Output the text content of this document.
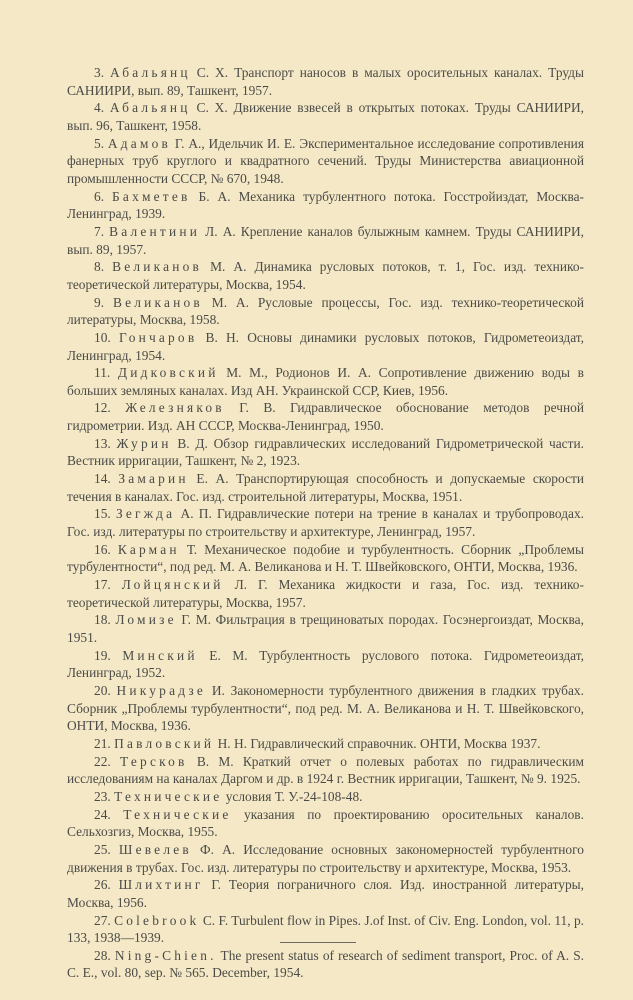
3. Абальянц С. Х. Транспорт наносов в малых оросительных каналах. Труды САНИИРИ, вып. 89, Ташкент, 1957.

4. Абальянц С. Х. Движение взвесей в открытых потоках. Труды САНИИРИ, вып. 96, Ташкент, 1958.

5. Адамов Г. А., Идельчик И. Е. Экспериментальное исследование сопротивления фанерных труб круглого и квадратного сечений. Труды Министерства авиационной промышленности СССР, № 670, 1948.

6. Бахметев Б. А. Механика турбулентного потока. Госстройиздат, Москва-Ленинград, 1939.

7. Валентини Л. А. Крепление каналов булыжным камнем. Труды САНИИРИ, вып. 89, 1957.

8. Великанов М. А. Динамика русловых потоков, т. 1, Гос. изд. технико-теоретической литературы, Москва, 1954.

9. Великанов М. А. Русловые процессы, Гос. изд. технико-теоретической литературы, Москва, 1958.

10. Гончаров В. Н. Основы динамики русловых потоков, Гидрометеоиздат, Ленинград, 1954.

11. Дидковский М. М., Родионов И. А. Сопротивление движению воды в больших земляных каналах. Изд АН. Украинской ССР, Киев, 1956.

12. Железняков Г. В. Гидравлическое обоснование методов речной гидрометрии. Изд. АН СССР, Москва-Ленинград, 1950.

13. Журин В. Д. Обзор гидравлических исследований Гидрометрической части. Вестник ирригации, Ташкент, № 2, 1923.

14. Замарин Е. А. Транспортирующая способность и допускаемые скорости течения в каналах. Гос. изд. строительной литературы, Москва, 1951.

15. Зегжда А. П. Гидравлические потери на трение в каналах и трубопроводах. Гос. изд. литературы по строительству и архитектуре, Ленинград, 1957.

16. Карман Т. Механическое подобие и турбулентность. Сборник „Проблемы турбулентности“, под ред. М. А. Великанова и Н. Т. Швейковского, ОНТИ, Москва, 1936.

17. Лойцянский Л. Г. Механика жидкости и газа, Гос. изд. технико-теоретической литературы, Москва, 1957.

18. Ломизе Г. М. Фильтрация в трещиноватых породах. Госэнергоиздат, Москва, 1951.

19. Минский Е. М. Турбулентность руслового потока. Гидрометеоиздат, Ленинград, 1952.

20. Никурадзе И. Закономерности турбулентного движения в гладких трубах. Сборник „Проблемы турбулентности“, под ред. М. А. Великанова и Н. Т. Швейковского, ОНТИ, Москва, 1936.

21. Павловский Н. Н. Гидравлический справочник. ОНТИ, Москва 1937.

22. Терсков В. М. Краткий отчет о полевых работах по гидравлическим исследованиям на каналах Даргом и др. в 1924 г. Вестник ирригации, Ташкент, № 9. 1925.

23. Технические условия Т. У.-24-108-48.

24. Технические указания по проектированию оросительных каналов. Сельхозгиз, Москва, 1955.

25. Шевелев Ф. А. Исследование основных закономерностей турбулентного движения в трубах. Гос. изд. литературы по строительству и архитектуре, Москва, 1953.

26. Шлихтинг Г. Теория пограничного слоя. Изд. иностранной литературы, Москва, 1956.

27. Colebrook C. F. Turbulent flow in Pipes. J.of Inst. of Civ. Eng. London, vol. 11, p. 133, 1938—1939.

28. Ning-Chien. The present status of research of sediment transport, Proc. of A. S. C. E., vol. 80, sep. № 565. December, 1954.
